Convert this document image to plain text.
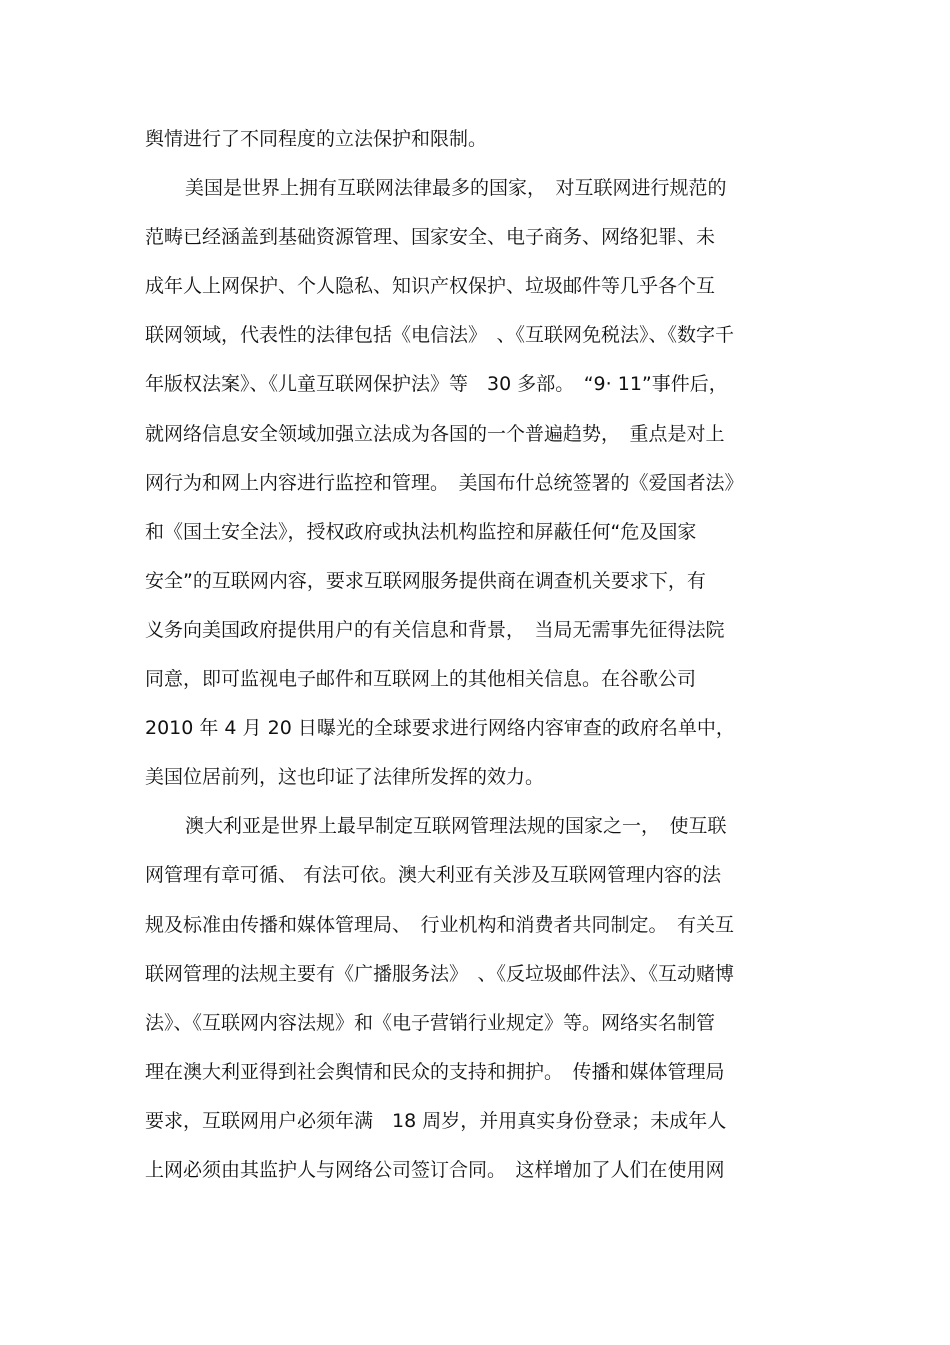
舆情进行了不同程度的立法保护和限制。
美国是世界上拥有互联网法律最多的国家，　对互联网进行规范的
范畴已经涵盖到基础资源管理、国家安全、电子商务、网络犯罪、未
成年人上网保护、个人隐私、知识产权保护、垃圾邮件等几乎各个互
联网领域，代表性的法律包括《电信法》　、《互联网免税法》、《数字千
年版权法案》、《儿童互联网保护法》等　30 多部。　“9· 11”事件后，
就网络信息安全领域加强立法成为各国的一个普遍趋势，　重点是对上
网行为和网上内容进行监控和管理。　美国布什总统签署的《爱国者法》
和《国土安全法》，授权政府或执法机构监控和屏蔽任何“危及国家
安全”的互联网内容，要求互联网服务提供商在调查机关要求下，有
义务向美国政府提供用户的有关信息和背景，　当局无需事先征得法院
同意，即可监视电子邮件和互联网上的其他相关信息。在谷歌公司
2010 年 4 月 20 日曝光的全球要求进行网络内容审查的政府名单中，
美国位居前列，这也印证了法律所发挥的效力。
澳大利亚是世界上最早制定互联网管理法规的国家之一，　使互联
网管理有章可循、 有法可依。澳大利亚有关涉及互联网管理内容的法
规及标准由传播和媒体管理局、　行业机构和消费者共同制定。　有关互
联网管理的法规主要有《广播服务法》　、《反垃圾邮件法》、《互动赌博
法》、《互联网内容法规》和《电子营销行业规定》等。网络实名制管
理在澳大利亚得到社会舆情和民众的支持和拥护。　传播和媒体管理局
要求，互联网用户必须年满　18 周岁，并用真实身份登录；未成年人
上网必须由其监护人与网络公司签订合同。　这样增加了人们在使用网
